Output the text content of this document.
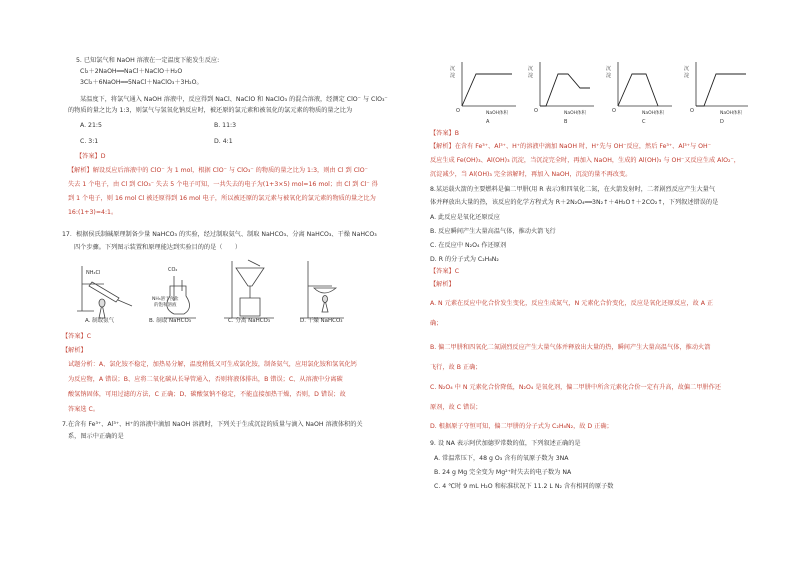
5. 已知氯气和 NaOH 溶液在一定温度下能发生反应:
Cl₂＋2NaOH══NaCl＋NaClO＋H₂O
3Cl₂＋6NaOH══5NaCl＋NaClO₃＋3H₂O。
某温度下，将氯气通入 NaOH 溶液中，反应得到 NaCl、NaClO 和 NaClO₃ 的混合溶液，经测定 ClO⁻ 与 ClO₃⁻
的物质的量之比为 1:3，则氯气与氢氧化钠反应时，被还原的氯元素和被氧化的氯元素的物质的量之比为
A. 21:5	B. 11:3
C. 3:1	D. 4:1
【答案】D
【解析】解设反应后溶液中的 ClO⁻ 为 1 mol，根据 ClO⁻ 与 ClO₃⁻ 的物质的量之比为 1:3，则由 Cl 到 ClO⁻
失去 1 个电子，由 Cl 到 ClO₃⁻ 失去 5 个电子可知，一共失去的电子为(1+3×5) mol=16 mol；由 Cl 到 Cl⁻ 得
到 1 个电子，则 16 mol Cl 被还原得到 16 mol 电子，所以被还原的氯元素与被氧化的氯元素的物质的量之比为
16:(1+3)=4:1。
17．根据侯氏制碱原理制备少量 NaHCO₃ 的实验，经过制取氨气、制取 NaHCO₃、分离 NaHCO₃、干燥 NaHCO₃
四个步骤。下列图示装置和原理能达到实验目的的是（　　）
NH₄Cl	CO₂
NH₃溶于食盐
的饱和溶液
A. 制取氨气	B. 制取 NaHCO₃	C. 分离 NaHCO₃	D. 干燥 NaHCO₃
【答案】C
【解析】
试题分析：A、氯化铵不稳定，加热易分解，温度稍低又可生成氯化铵，制备氨气，应用氯化铵和氢氧化钙
为反应物，A 错误；B、应将二氧化碳从长导管通入，否则将液体排出，B 错误；C、从溶液中分离碳
酸氢钠固体，可用过滤的方法，C 正确；D、碳酸氢钠不稳定，不能直接加热干燥，否则，D 错误；故
答案选 C。
7.在含有 Fe³⁺、Al³⁺、H⁺的溶液中滴加 NaOH 溶液时，下列关于生成沉淀的质量与滴入 NaOH 溶液体积的关
系，图示中正确的是
沉
淀
O	NaOH体积
A
沉
淀
O	NaOH体积
B
沉
淀
O	NaOH体积
C
沉
淀
O	NaOH体积
D
【答案】B
【解析】在含有 Fe³⁺、Al³⁺、H⁺的溶液中滴加 NaOH 时，H⁺先与 OH⁻反应，然后 Fe³⁺、Al³⁺与 OH⁻
反应生成 Fe(OH)₃、Al(OH)₃ 沉淀，当沉淀完全时，再加入 NaOH，生成的 Al(OH)₃ 与 OH⁻又反应生成 AlO₂⁻，
沉淀减少，当 Al(OH)₃ 完全溶解时，再加入 NaOH，沉淀的量不再改变。
8.某运载火箭的主要燃料是偏二甲肼(用 R 表示)和四氧化二氮，在火箭发射时，二者剧烈反应产生大量气
体并释放出大量的热，该反应的化学方程式为 R＋2N₂O₄══3N₂↑＋4H₂O↑＋2CO₂↑，下列叙述错误的是
A. 此反应是氧化还原反应
B. 反应瞬间产生大量高温气体，推动火箭飞行
C. 在反应中 N₂O₄ 作还原剂
D. R 的分子式为 C₂H₈N₂
【答案】C
【解析】
A. N 元素在反应中化合价发生变化，反应生成氮气，N 元素化合价变化，反应是氧化还原反应，故 A 正
确；
B. 偏二甲肼和四氧化二氮剧烈反应产生大量气体并释放出大量的热，瞬间产生大量高温气体，推动火箭
飞行，故 B 正确；
C. N₂O₄ 中 N 元素化合价降低，N₂O₄ 是氧化剂，偏二甲肼中所含元素化合价一定有升高，故偏二甲肼作还
原剂，故 C 错误；
D. 根据原子守恒可知，偏二甲肼的分子式为 C₂H₈N₂，故 D 正确；
9. 设 NA 表示阿伏加德罗常数的值，下列叙述正确的是
A. 常温常压下，48 g O₃ 含有的氧原子数为 3NA
B. 24 g Mg 完全变为 Mg²⁺时失去的电子数为 NA
C. 4 ℃时 9 mL H₂O 和标准状况下 11.2 L N₂ 含有相同的原子数
